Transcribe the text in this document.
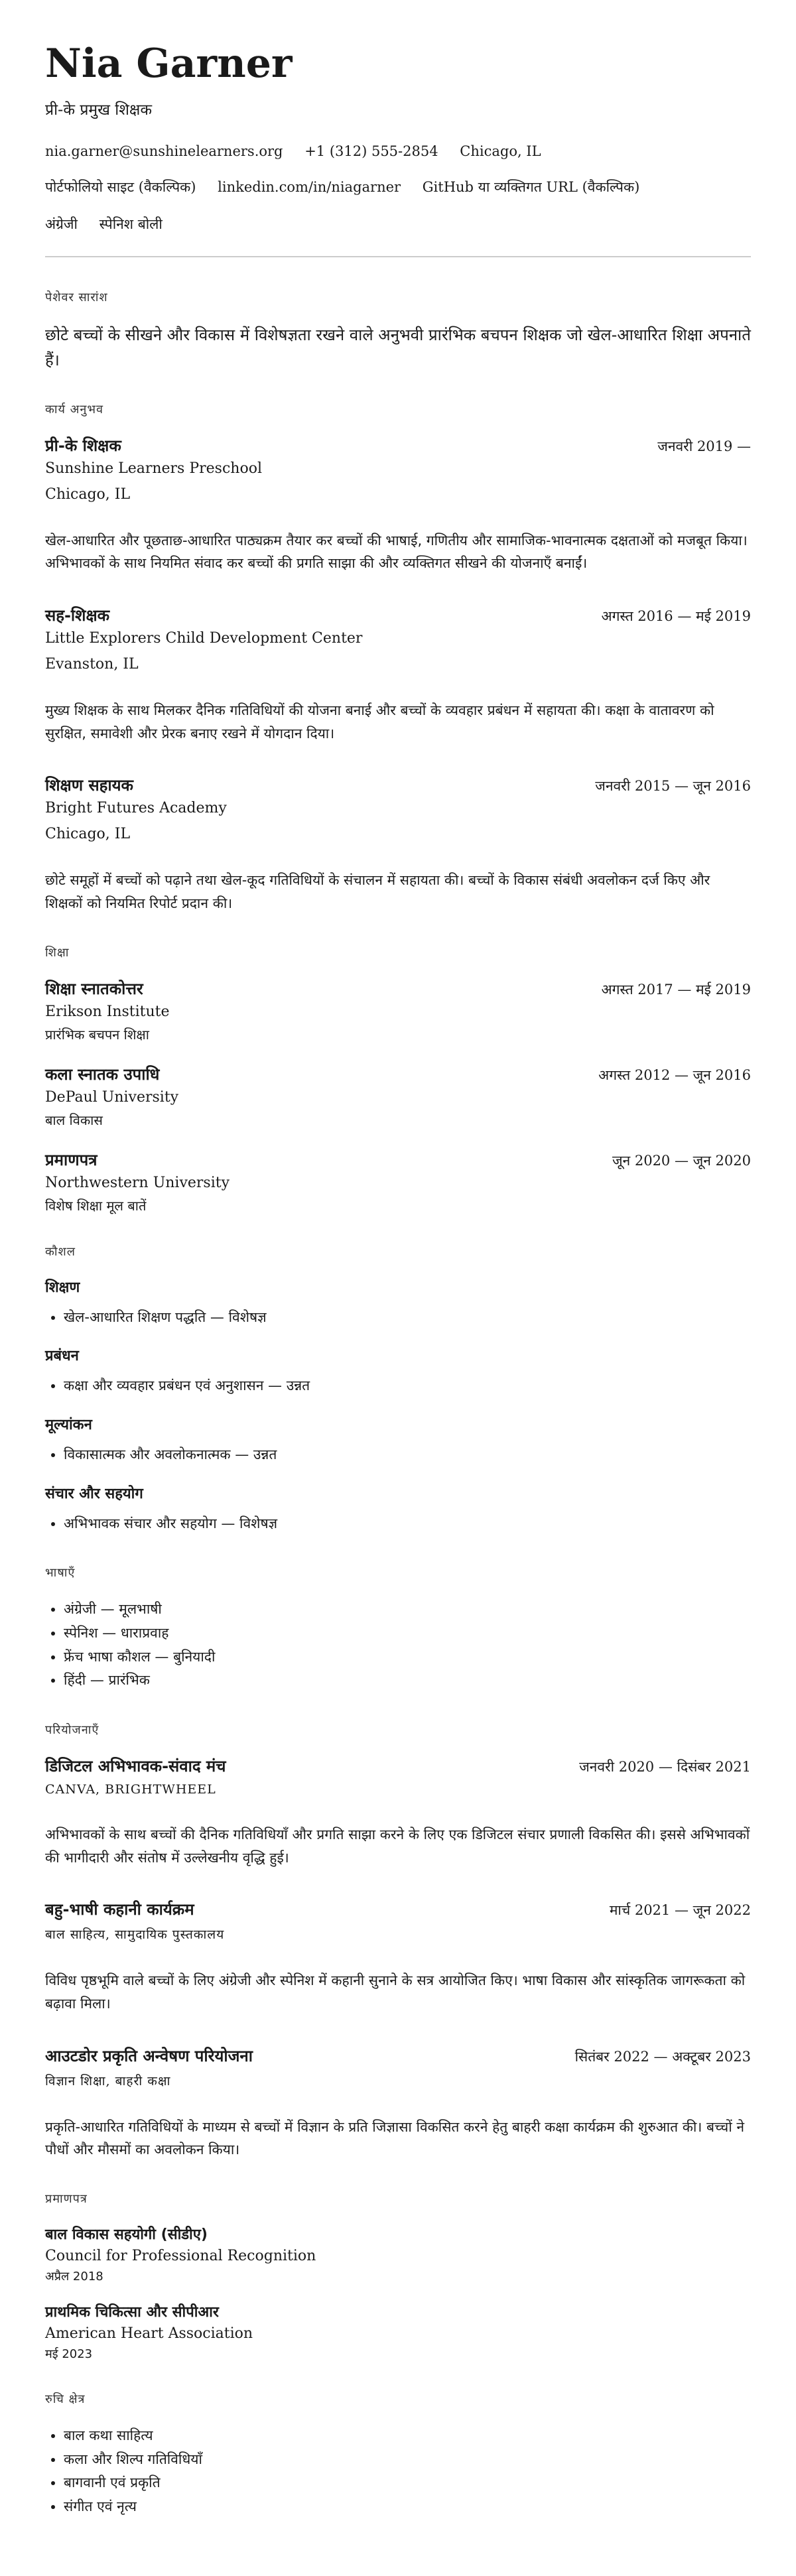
Nia Garner
प्री-के प्रमुख शिक्षक
nia.garner@sunshinelearners.org +1 (312) 555-2854 Chicago, IL
पोर्टफोलियो साइट (वैकल्पिक) linkedin.com/in/niagarner GitHub या व्यक्तिगत URL (वैकल्पिक)
अंग्रेजी स्पेनिश बोली
पेशेवर सारांश
छोटे बच्चों के सीखने और विकास में विशेषज्ञता रखने वाले अनुभवी प्रारंभिक बचपन शिक्षक जो खेल-आधारित शिक्षा अपनाते हैं।
कार्य अनुभव
प्री-के शिक्षक	जनवरी 2019 —
Sunshine Learners Preschool
Chicago, IL
खेल-आधारित और पूछताछ-आधारित पाठ्यक्रम तैयार कर बच्चों की भाषाई, गणितीय और सामाजिक-भावनात्मक दक्षताओं को मजबूत किया। अभिभावकों के साथ नियमित संवाद कर बच्चों की प्रगति साझा की और व्यक्तिगत सीखने की योजनाएँ बनाईं।
सह-शिक्षक	अगस्त 2016 — मई 2019
Little Explorers Child Development Center
Evanston, IL
मुख्य शिक्षक के साथ मिलकर दैनिक गतिविधियों की योजना बनाई और बच्चों के व्यवहार प्रबंधन में सहायता की। कक्षा के वातावरण को सुरक्षित, समावेशी और प्रेरक बनाए रखने में योगदान दिया।
शिक्षण सहायक	जनवरी 2015 — जून 2016
Bright Futures Academy
Chicago, IL
छोटे समूहों में बच्चों को पढ़ाने तथा खेल-कूद गतिविधियों के संचालन में सहायता की। बच्चों के विकास संबंधी अवलोकन दर्ज किए और शिक्षकों को नियमित रिपोर्ट प्रदान की।
शिक्षा
शिक्षा स्नातकोत्तर	अगस्त 2017 — मई 2019
Erikson Institute
प्रारंभिक बचपन शिक्षा
कला स्नातक उपाधि	अगस्त 2012 — जून 2016
DePaul University
बाल विकास
प्रमाणपत्र	जून 2020 — जून 2020
Northwestern University
विशेष शिक्षा मूल बातें
कौशल
शिक्षण
• खेल-आधारित शिक्षण पद्धति — विशेषज्ञ
प्रबंधन
• कक्षा और व्यवहार प्रबंधन एवं अनुशासन — उन्नत
मूल्यांकन
• विकासात्मक और अवलोकनात्मक — उन्नत
संचार और सहयोग
• अभिभावक संचार और सहयोग — विशेषज्ञ
भाषाएँ
• अंग्रेजी — मूलभाषी
• स्पेनिश — धाराप्रवाह
• फ्रेंच भाषा कौशल — बुनियादी
• हिंदी — प्रारंभिक
परियोजनाएँ
डिजिटल अभिभावक-संवाद मंच	जनवरी 2020 — दिसंबर 2021
CANVA, BRIGHTWHEEL
अभिभावकों के साथ बच्चों की दैनिक गतिविधियाँ और प्रगति साझा करने के लिए एक डिजिटल संचार प्रणाली विकसित की। इससे अभिभावकों की भागीदारी और संतोष में उल्लेखनीय वृद्धि हुई।
बहु-भाषी कहानी कार्यक्रम	मार्च 2021 — जून 2022
बाल साहित्य, सामुदायिक पुस्तकालय
विविध पृष्ठभूमि वाले बच्चों के लिए अंग्रेजी और स्पेनिश में कहानी सुनाने के सत्र आयोजित किए। भाषा विकास और सांस्कृतिक जागरूकता को बढ़ावा मिला।
आउटडोर प्रकृति अन्वेषण परियोजना	सितंबर 2022 — अक्टूबर 2023
विज्ञान शिक्षा, बाहरी कक्षा
प्रकृति-आधारित गतिविधियों के माध्यम से बच्चों में विज्ञान के प्रति जिज्ञासा विकसित करने हेतु बाहरी कक्षा कार्यक्रम की शुरुआत की। बच्चों ने पौधों और मौसमों का अवलोकन किया।
प्रमाणपत्र
बाल विकास सहयोगी (सीडीए)
Council for Professional Recognition
अप्रैल 2018
प्राथमिक चिकित्सा और सीपीआर
American Heart Association
मई 2023
रुचि क्षेत्र
• बाल कथा साहित्य
• कला और शिल्प गतिविधियाँ
• बागवानी एवं प्रकृति
• संगीत एवं नृत्य
